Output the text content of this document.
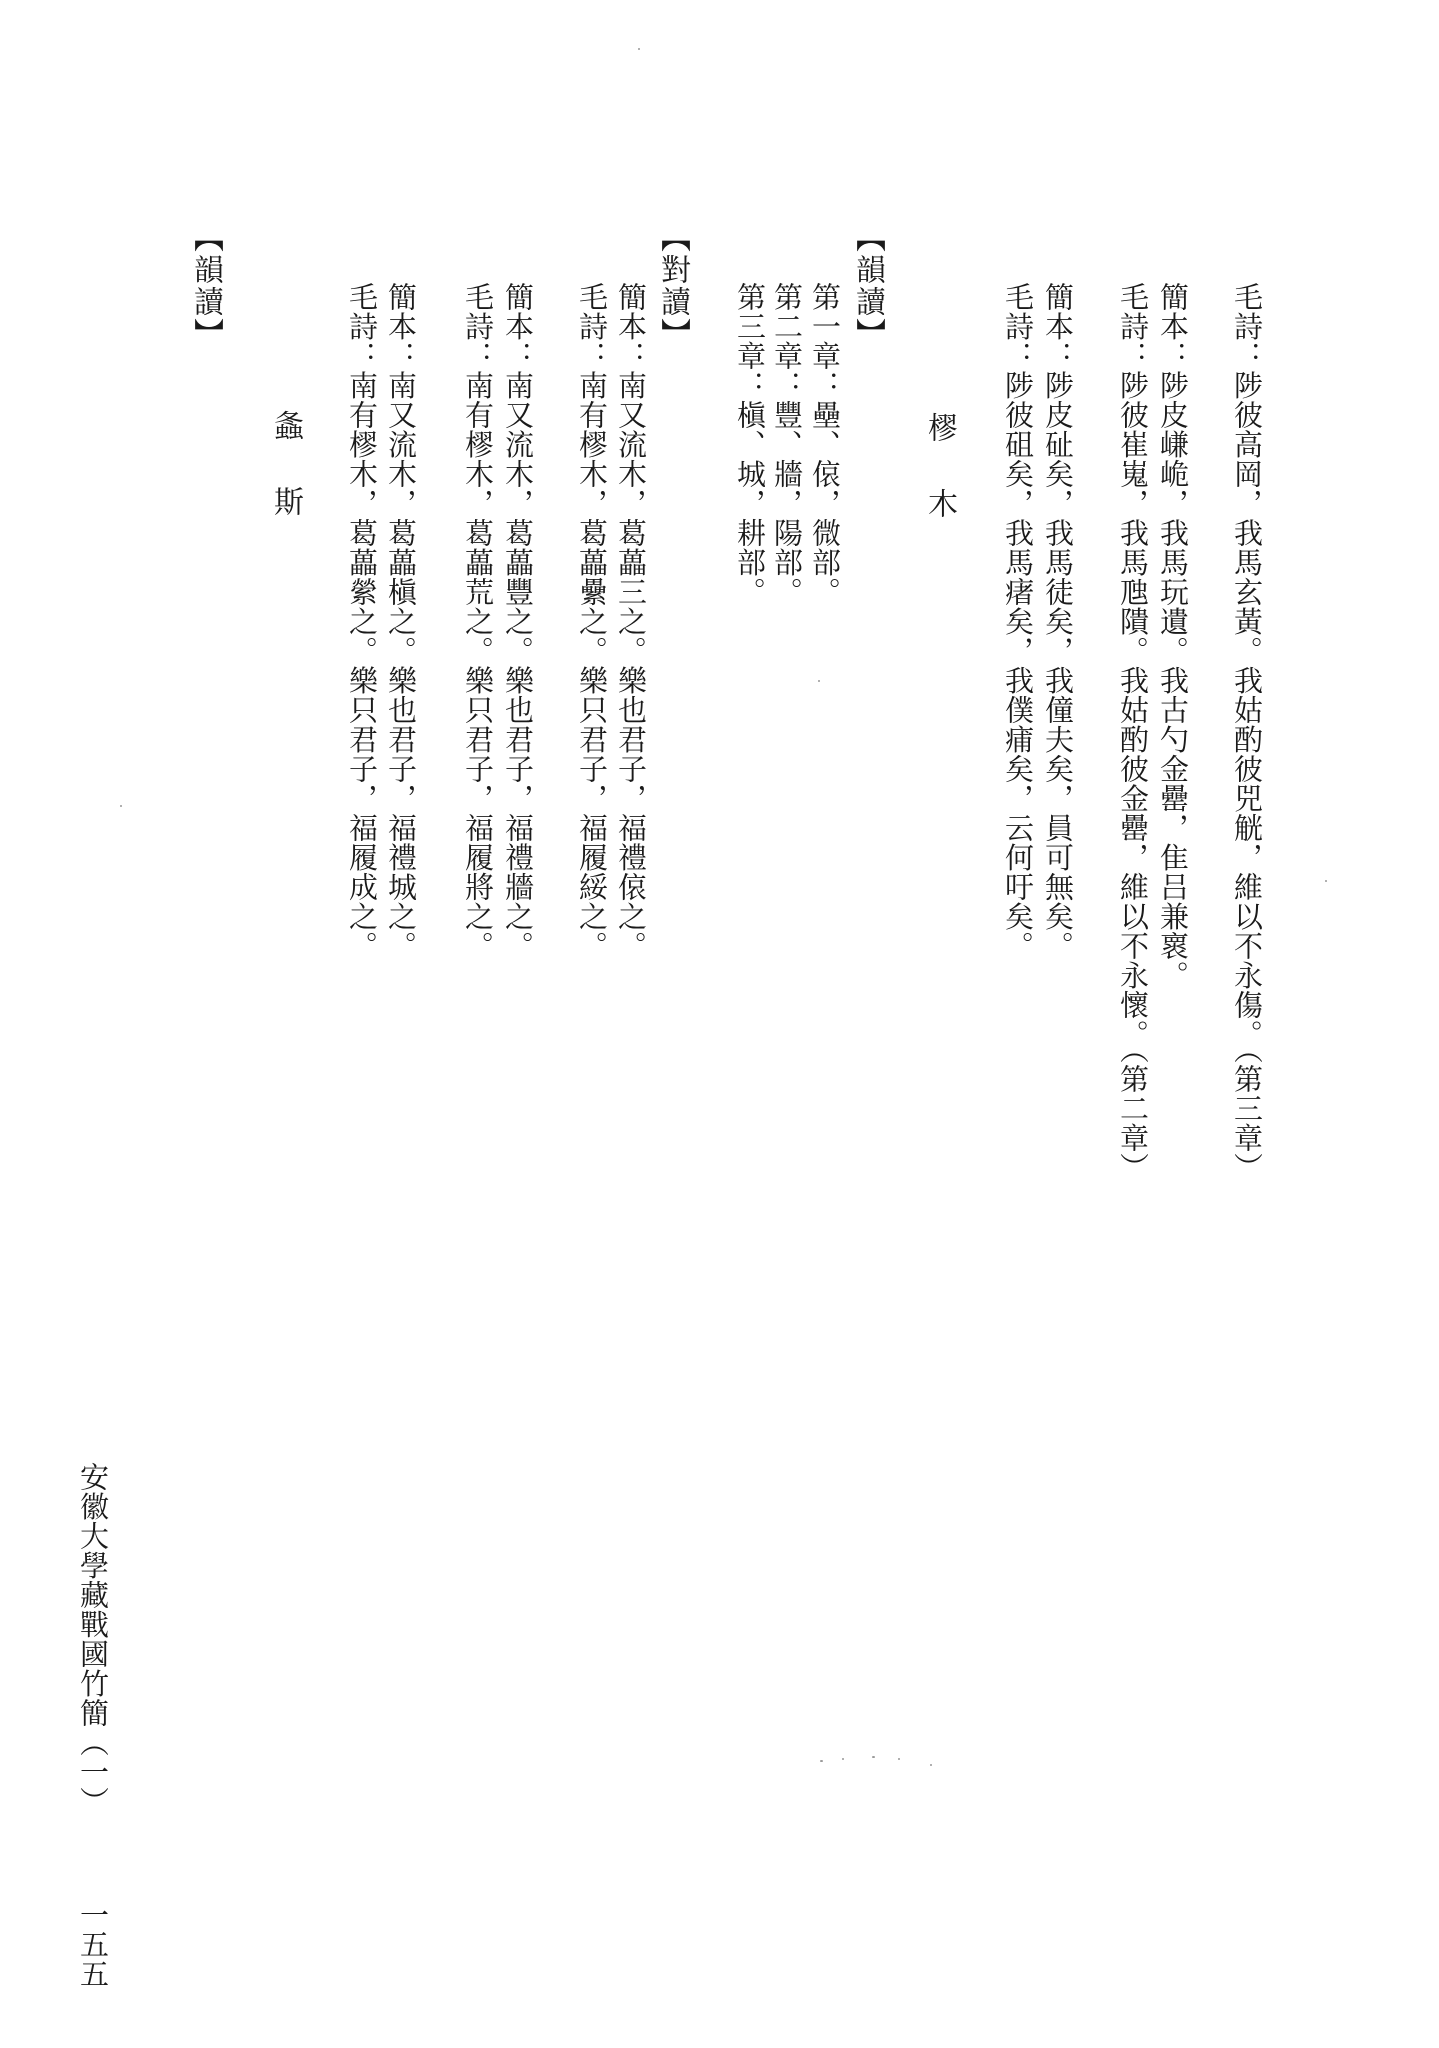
毛詩：陟彼高岡，我馬玄黃。我姑酌彼兕觥，維以不永傷。（第三章）
簡本：陟皮嵰峗，我馬玩遺。我古勺金罍，隹吕兼褱。
毛詩：陟彼崔嵬，我馬虺隤。我姑酌彼金罍，維以不永懷。（第二章）
簡本：陟皮砋矣，我馬徒矣，我僮夫矣，員可無矣。
毛詩：陟彼砠矣，我馬瘏矣，我僕痡矣，云何吁矣。
樛木
【韻讀】
第一章：壘、偯，微部。
第二章：豐、牆，陽部。
第三章：槇、城，耕部。
【對讀】
簡本：南又流木，葛藟三之。樂也君子，福禮偯之。
毛詩：南有樛木，葛藟纍之。樂只君子，福履綏之。
簡本：南又流木，葛藟豐之。樂也君子，福禮牆之。
毛詩：南有樛木，葛藟荒之。樂只君子，福履將之。
簡本：南又流木，葛藟槇之。樂也君子，福禮城之。
毛詩：南有樛木，葛藟縈之。樂只君子，福履成之。
螽斯
【韻讀】
安徽大學藏戰國竹簡（一）
一五五
